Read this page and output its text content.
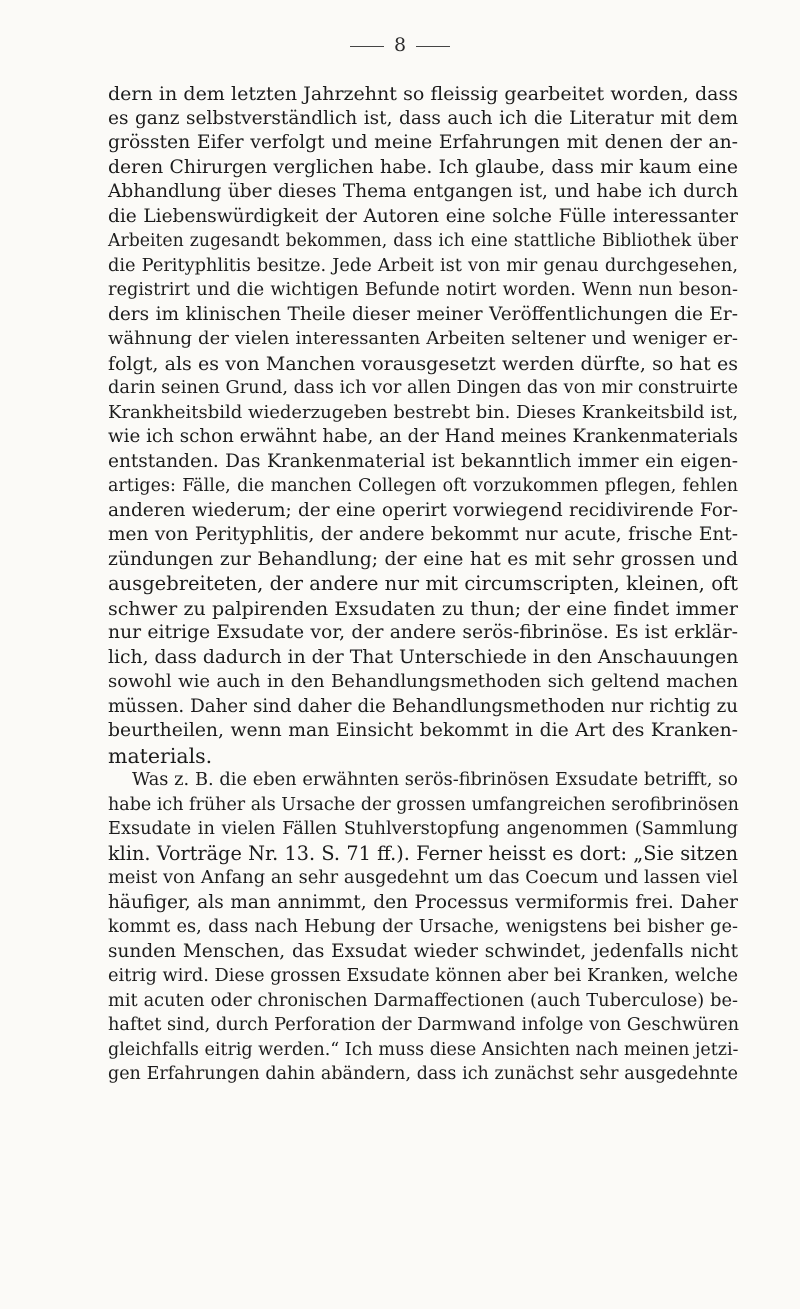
8
dern in dem letzten Jahrzehnt so fleissig gearbeitet worden, dass
es ganz selbstverständlich ist, dass auch ich die Literatur mit dem
grössten Eifer verfolgt und meine Erfahrungen mit denen der an-
deren Chirurgen verglichen habe. Ich glaube, dass mir kaum eine
Abhandlung über dieses Thema entgangen ist, und habe ich durch
die Liebenswürdigkeit der Autoren eine solche Fülle interessanter
Arbeiten zugesandt bekommen, dass ich eine stattliche Bibliothek über
die Perityphlitis besitze. Jede Arbeit ist von mir genau durchgesehen,
registrirt und die wichtigen Befunde notirt worden. Wenn nun beson-
ders im klinischen Theile dieser meiner Veröffentlichungen die Er-
wähnung der vielen interessanten Arbeiten seltener und weniger er-
folgt, als es von Manchen vorausgesetzt werden dürfte, so hat es
darin seinen Grund, dass ich vor allen Dingen das von mir construirte
Krankheitsbild wiederzugeben bestrebt bin. Dieses Krankeitsbild ist,
wie ich schon erwähnt habe, an der Hand meines Krankenmaterials
entstanden. Das Krankenmaterial ist bekanntlich immer ein eigen-
artiges: Fälle, die manchen Collegen oft vorzukommen pflegen, fehlen
anderen wiederum; der eine operirt vorwiegend recidivirende For-
men von Perityphlitis, der andere bekommt nur acute, frische Ent-
zündungen zur Behandlung; der eine hat es mit sehr grossen und
ausgebreiteten, der andere nur mit circumscripten, kleinen, oft
schwer zu palpirenden Exsudaten zu thun; der eine findet immer
nur eitrige Exsudate vor, der andere serös-fibrinöse. Es ist erklär-
lich, dass dadurch in der That Unterschiede in den Anschauungen
sowohl wie auch in den Behandlungsmethoden sich geltend machen
müssen. Daher sind daher die Behandlungsmethoden nur richtig zu
beurtheilen, wenn man Einsicht bekommt in die Art des Kranken-
materials.
Was z. B. die eben erwähnten serös-fibrinösen Exsudate betrifft, so
habe ich früher als Ursache der grossen umfangreichen serofibrinösen
Exsudate in vielen Fällen Stuhlverstopfung angenommen (Sammlung
klin. Vorträge Nr. 13. S. 71 ff.). Ferner heisst es dort: „Sie sitzen
meist von Anfang an sehr ausgedehnt um das Coecum und lassen viel
häufiger, als man annimmt, den Processus vermiformis frei. Daher
kommt es, dass nach Hebung der Ursache, wenigstens bei bisher ge-
sunden Menschen, das Exsudat wieder schwindet, jedenfalls nicht
eitrig wird. Diese grossen Exsudate können aber bei Kranken, welche
mit acuten oder chronischen Darmaffectionen (auch Tuberculose) be-
haftet sind, durch Perforation der Darmwand infolge von Geschwüren
gleichfalls eitrig werden.“ Ich muss diese Ansichten nach meinen jetzi-
gen Erfahrungen dahin abändern, dass ich zunächst sehr ausgedehnte
